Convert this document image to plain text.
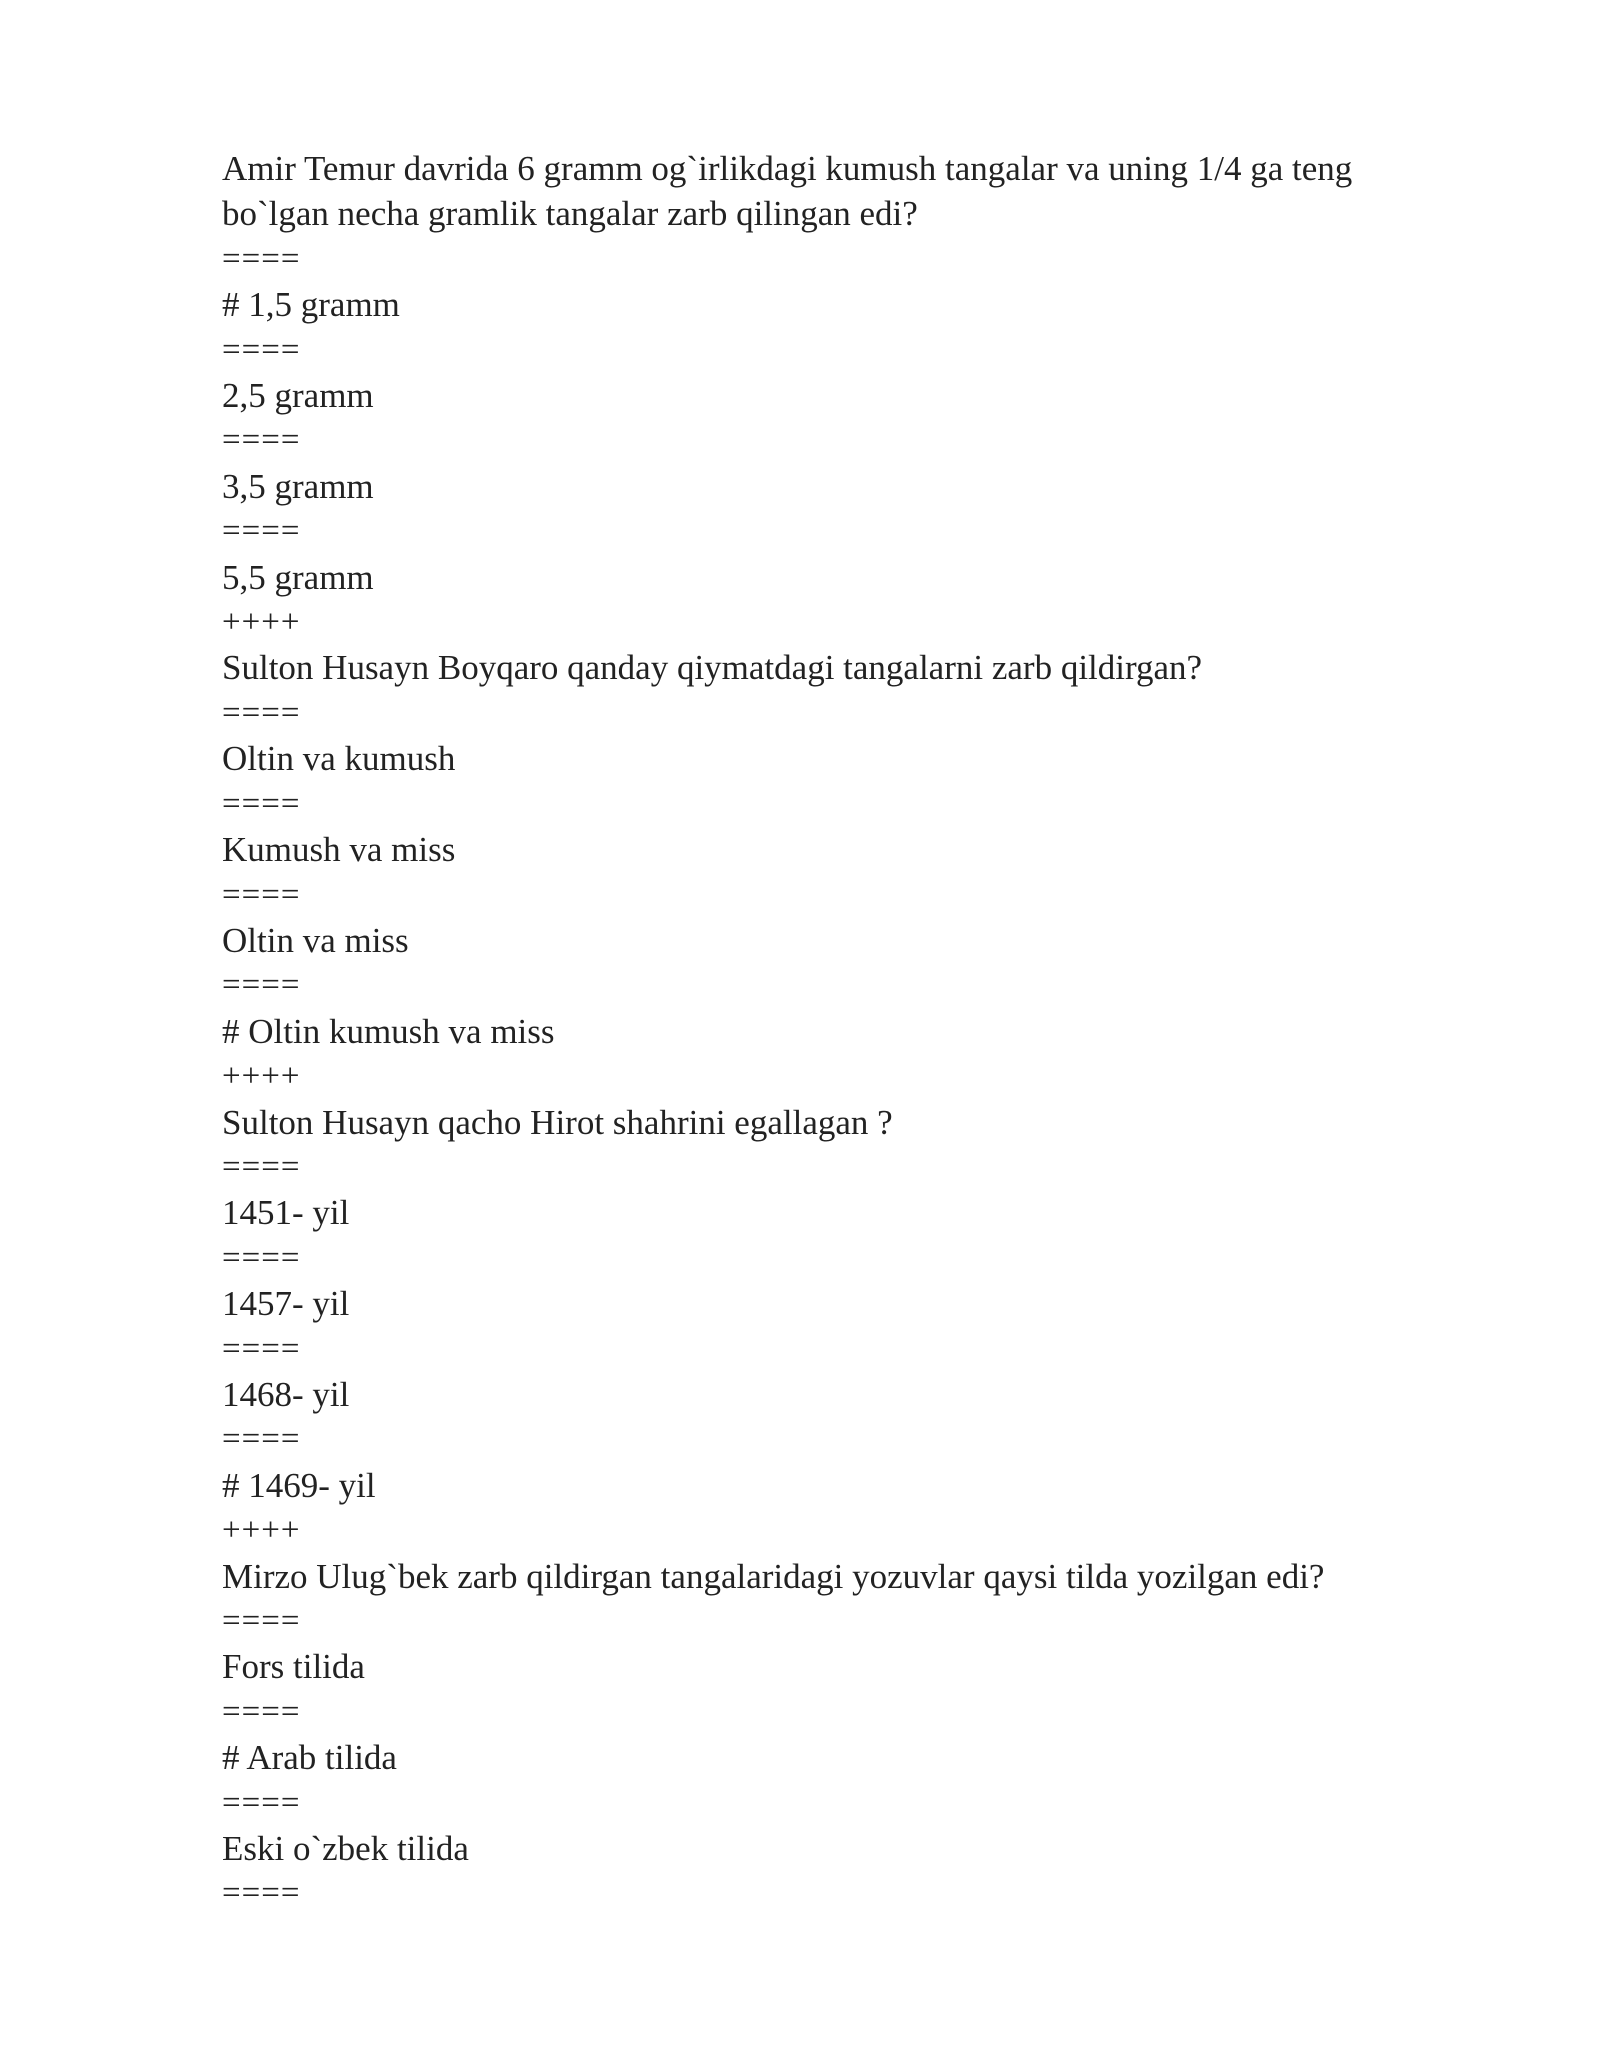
Amir Temur davrida 6 gramm og`irlikdagi kumush tangalar va uning 1/4 ga teng
bo`lgan necha gramlik tangalar zarb qilingan edi?
====
# 1,5 gramm
====
2,5 gramm
====
3,5 gramm
====
5,5 gramm
++++
Sulton Husayn Boyqaro qanday qiymatdagi tangalarni zarb qildirgan?
====
Oltin va kumush
====
Kumush va miss
====
Oltin va miss
====
# Oltin kumush va miss
++++
Sulton Husayn qacho Hirot shahrini egallagan ?
====
1451- yil
====
1457- yil
====
1468- yil
====
# 1469- yil
++++
Mirzo Ulug`bek zarb qildirgan tangalaridagi yozuvlar qaysi tilda yozilgan edi?
====
Fors tilida
====
# Arab tilida
====
Eski o`zbek tilida
====
